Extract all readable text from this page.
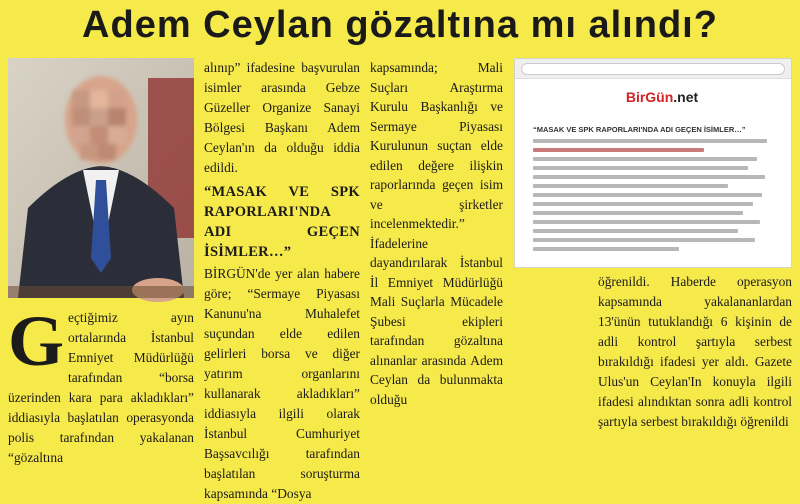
Adem Ceylan gözaltına mı alındı?
G eçtiğimiz ayın ortalarında İstanbul Emniyet Müdürlüğü tarafından “borsa üzerinden kara para akladıkları” iddiasıyla başlatılan operasyonda polis tarafından yakalanan “gözaltına

alınıp” ifadesine başvurulan isimler arasında Gebze Güzeller Organize Sanayi Bölgesi Başkanı Adem Ceylan'ın da olduğu iddia edildi.

“MASAK VE SPK RAPORLARI'NDA ADI GEÇEN İSİMLER…”

BİRGÜN'de yer alan habere göre; “Sermaye Piyasası Kanunu'na Muhalefet suçundan elde edilen gelirleri borsa ve diğer yatırım organlarını kullanarak akladıkları” iddiasıyla ilgili olarak İstanbul Cumhuriyet Başsavcılığı tarafından başlatılan soruşturma kapsamında “Dosya

kapsamında; Mali Suçları Araştırma Kurulu Başkanlığı ve Sermaye Piyasası Kurulunun suçtan elde edilen değere ilişkin raporlarında geçen isim ve şirketler incelenmektedir.” İfadelerine dayandırılarak İstanbul İl Emniyet Müdürlüğü Mali Suçlarla Mücadele Şubesi ekipleri tarafından gözaltına alınanlar arasında Adem Ceylan da bulunmakta olduğu

BirGün.net
“MASAK VE SPK RAPORLARI'NDA ADI GEÇEN İSİMLER…”

öğrenildi. Haberde operasyon kapsamında yakalananlardan 13'ünün tutuklandığı 6 kişinin de adli kontrol şartıyla serbest bırakıldığı ifadesi yer aldı. Gazete Ulus'un Ceylan'In konuyla ilgili ifadesi alındıktan sonra adli kontrol şartıyla serbest bırakıldığı öğrenildi
